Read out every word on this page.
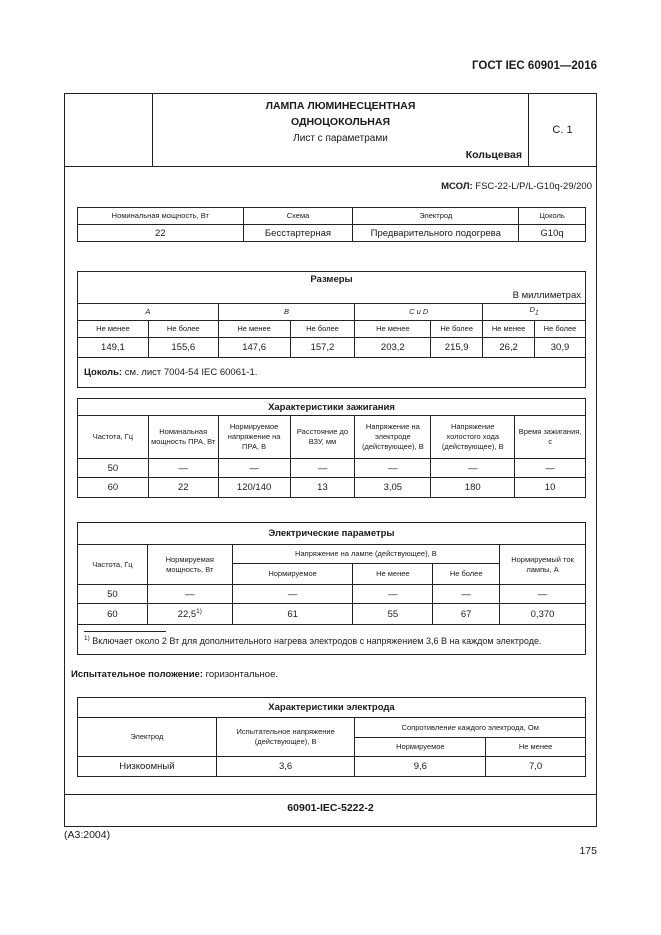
ГОСТ IEC 60901—2016
ЛАМПА ЛЮМИНЕСЦЕНТНАЯ
ОДНОЦОКОЛЬНАЯ
Лист с параметрами
Кольцевая
С. 1
МСОЛ: FSC-22-L/P/L-G10q-29/200
Номинальная мощность, Вт	Схема	Электрод	Цоколь
22	Бесстартерная	Предварительного подогрева	G10q
Размеры							
В миллиметрах							
A		B		C и D		$D_1$
Не менее	Не более	Не менее	Не более	Не менее	Не более	Не менее	Не более
149,1	155,6	147,6	157,2	203,2	215,9	26,2	30,9
Цоколь: см. лист 7004-54 IEC 60061-1.							
Характеристики зажигания						
Частота, Гц	Номинальная мощность ПРА, Вт	Нормируемое напряжение на ПРА, В	Расстояние до ВЗУ, мм	Напряжение на электроде (действующее), В	Напряжение холостого хода (действующее), В	Время зажигания, с
50	—	—	—	—	—	—
60	22	120/140	13	3,05	180	10
Электрические параметры					
Частота, Гц	Нормируемая мощность, Вт	Напряжение на лампе (действующее), В			Нормируемый ток лампы, А
		Нормируемое	Не менее	Не более	
50	—	—	—	—	—
60	22,5$^{1)}$	61	55	67	0,370

$^{1)}$ Включает около 2 Вт для дополнительного нагрева электродов с напряжением 3,6 В на каждом электроде.					
Испытательное положение: горизонтальное.
Характеристики электрода			
Электрод	Испытательное напряжение (действующее), В	Сопротивление каждого электрода, Ом	
		Нормируемое	Не менее
Низкоомный	3,6	9,6	7,0
60901-IEC-5222-2
(A3:2004)
175
